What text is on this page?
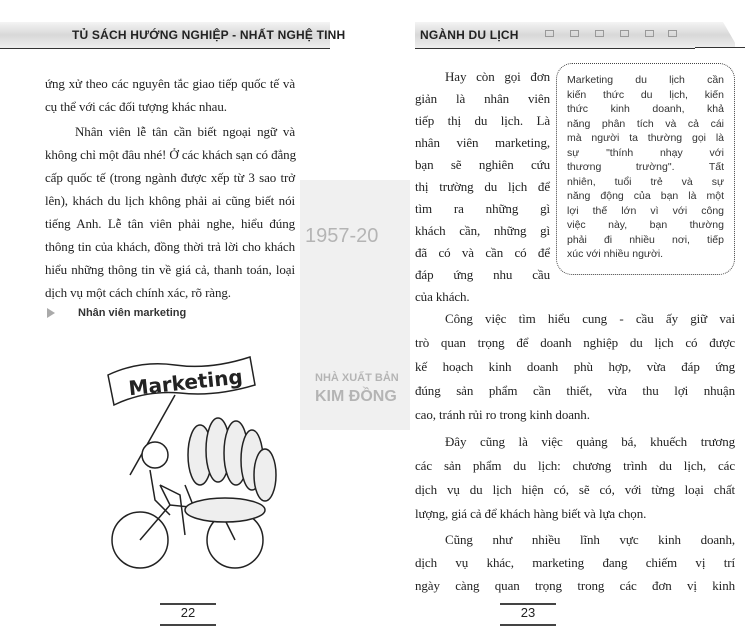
TỦ SÁCH HƯỚNG NGHIỆP - NHẤT NGHỆ TINH	NGÀNH DU LỊCH
1957-20
NHÀ XUẤT BẢN
KIM ĐỒNG
ứng xử theo các nguyên tắc giao tiếp quốc tế và
cụ thể với các đối tượng khác nhau.
Nhân viên lễ tân cần biết ngoại ngữ và
không chỉ một đâu nhé! Ở các khách sạn có đẳng
cấp quốc tế (trong ngành được xếp từ 3 sao trở
lên), khách du lịch không phải ai cũng biết nói
tiếng Anh. Lễ tân viên phải nghe, hiểu đúng
thông tin của khách, đồng thời trả lời cho khách
hiểu những thông tin về giá cả, thanh toán, loại
dịch vụ một cách chính xác, rõ ràng.
Nhân viên marketing
Marketing
22
Hay còn gọi đơn
giản là nhân viên
tiếp thị du lịch. Là
nhân viên marketing,
bạn sẽ nghiên cứu
thị trường du lịch để
tìm ra những gì
khách cần, những gì
đã có và cần có để
đáp ứng nhu cầu
của khách.
Marketing du lịch cần
kiến thức du lịch, kiến
thức kinh doanh, khả
năng phân tích và cả cái
mà người ta thường gọi là
sự "thính nhạy với
thương trường". Tất
nhiên, tuổi trẻ và sự
năng động của bạn là một
lợi thế lớn vì với công
việc này, bạn thường
phải đi nhiều nơi, tiếp
xúc với nhiều người.
Công việc tìm hiểu cung - cầu ấy giữ vai
trò quan trọng để doanh nghiệp du lịch có được
kế hoạch kinh doanh phù hợp, vừa đáp ứng
đúng sản phẩm cần thiết, vừa thu lợi nhuận
cao, tránh rủi ro trong kinh doanh.
Đây cũng là việc quảng bá, khuếch trương
các sản phẩm du lịch: chương trình du lịch, các
dịch vụ du lịch hiện có, sẽ có, với từng loại chất
lượng, giá cả để khách hàng biết và lựa chọn.
Cũng như nhiều lĩnh vực kinh doanh,
dịch vụ khác, marketing đang chiếm vị trí
ngày càng quan trọng trong các đơn vị kinh
23
